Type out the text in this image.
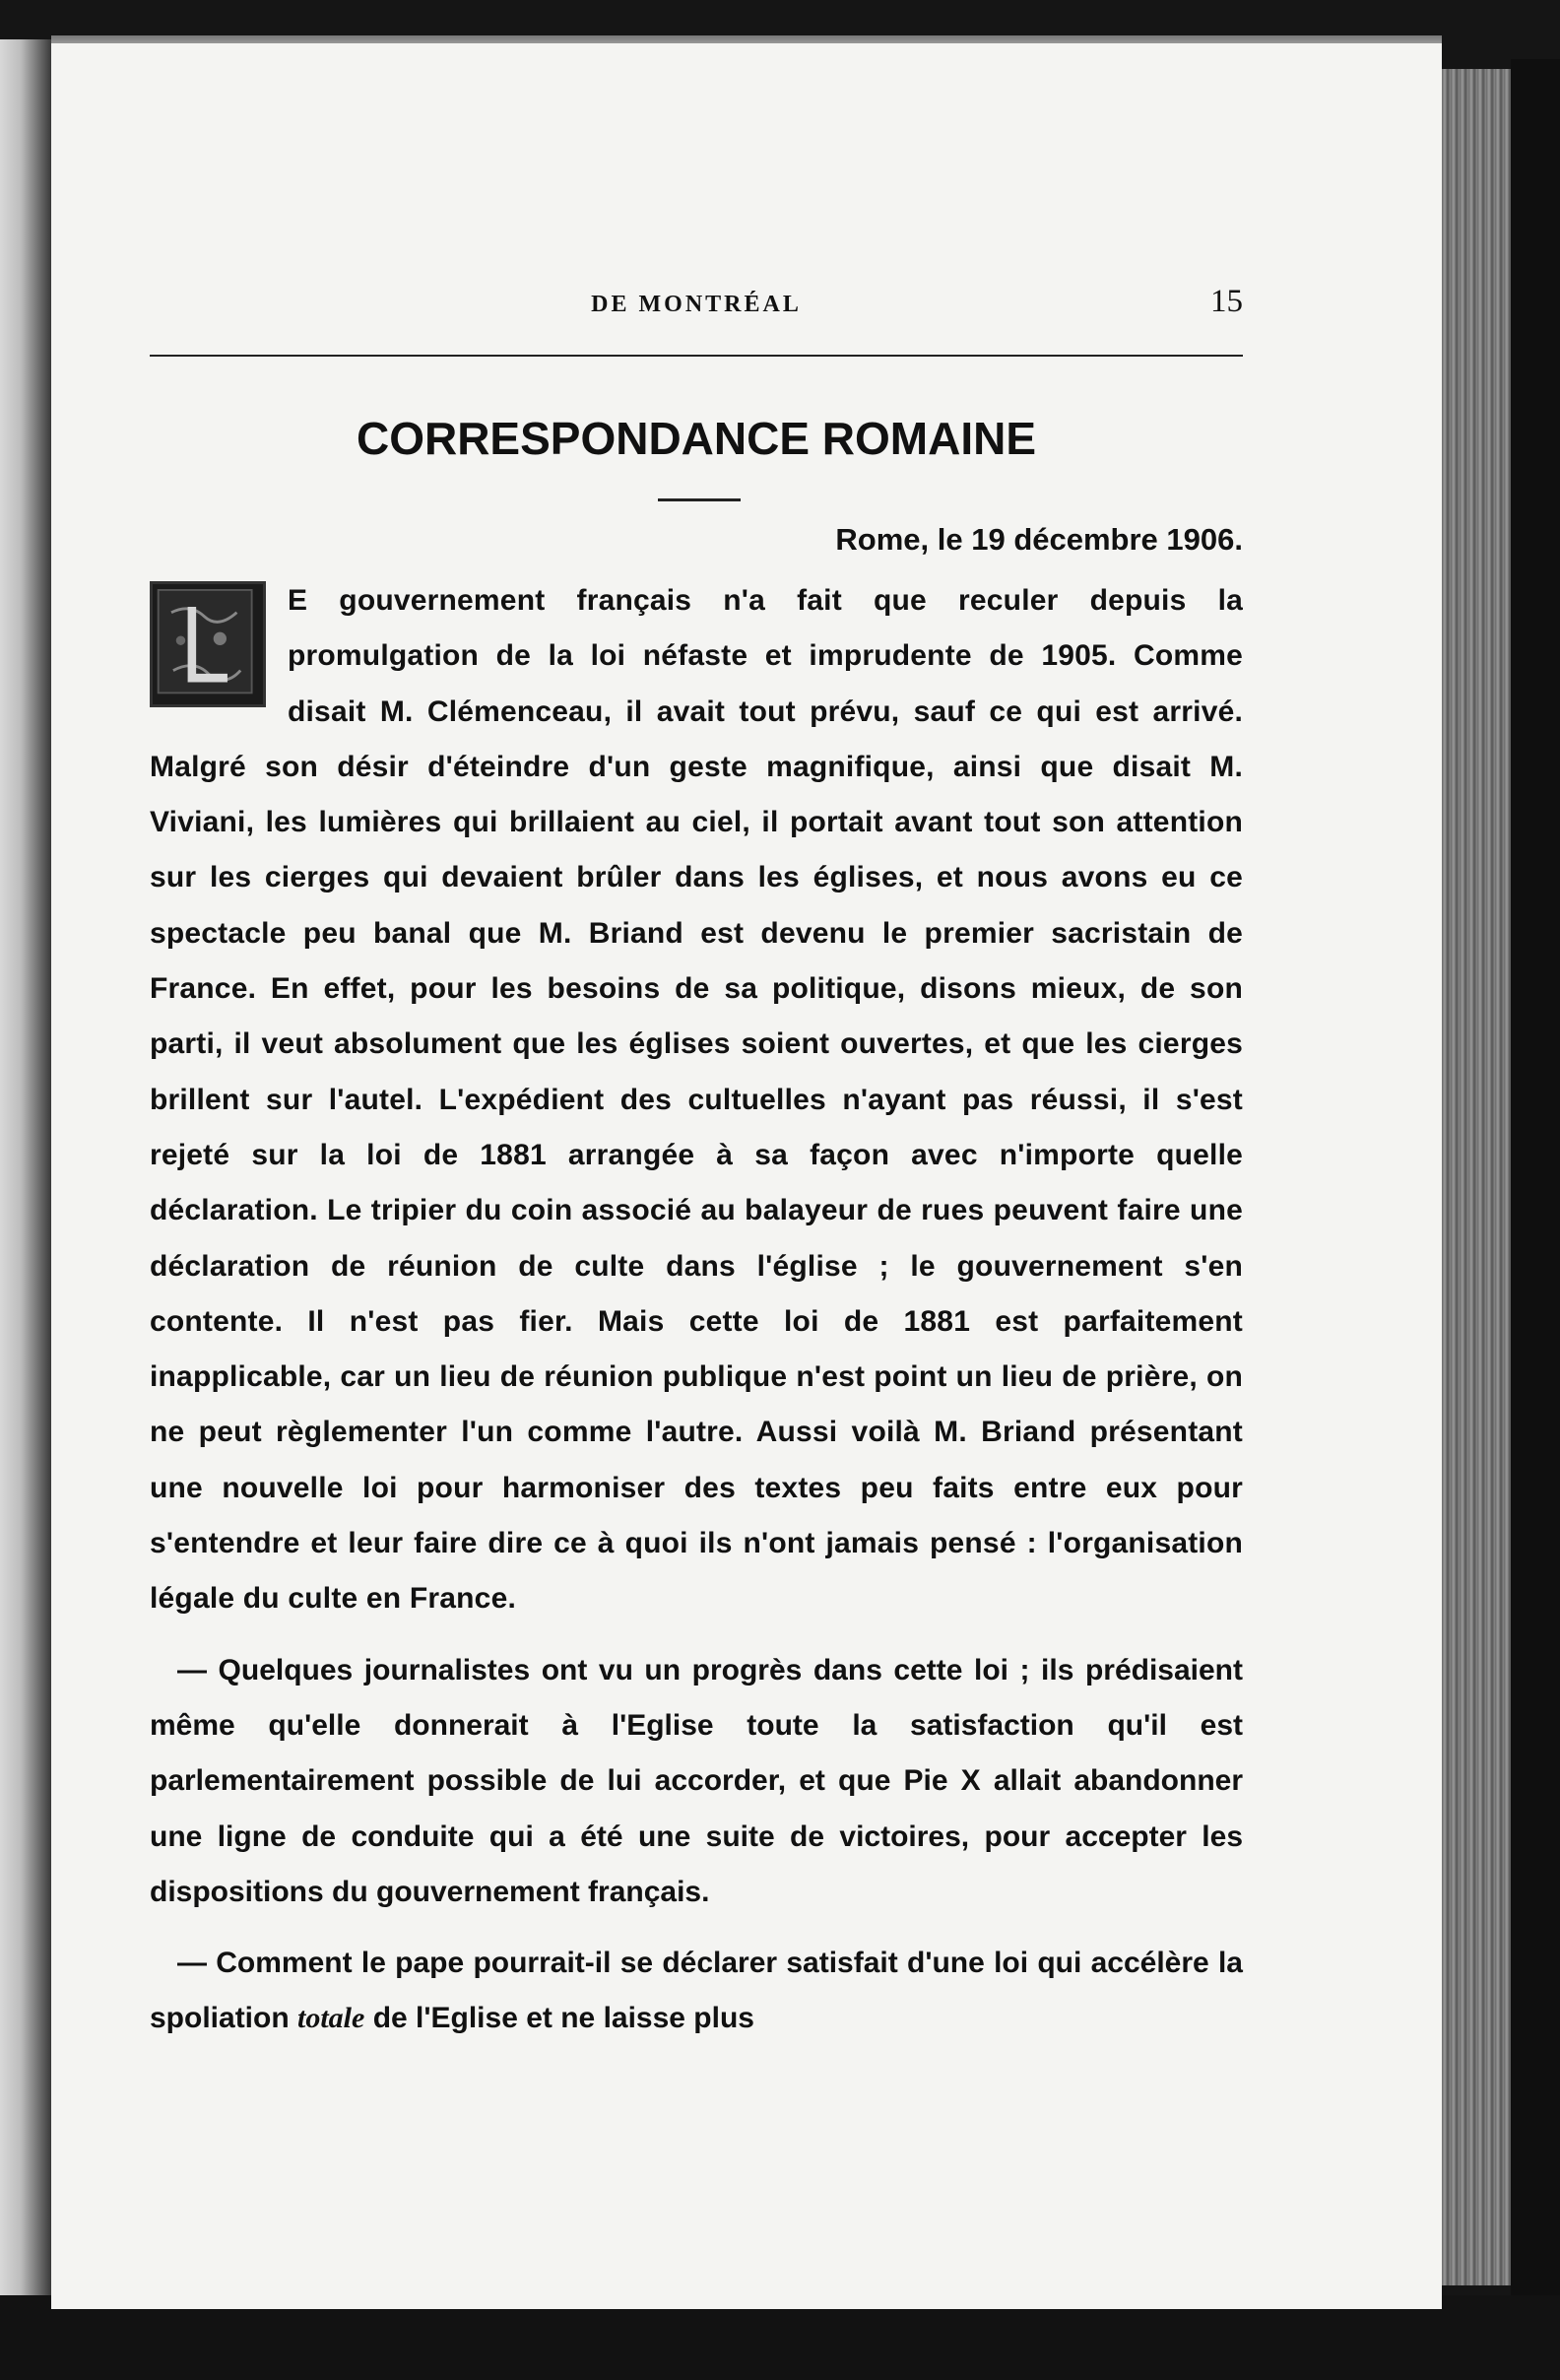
DE MONTRÉAL	15
CORRESPONDANCE ROMAINE
Rome, le 19 décembre 1906.

E gouvernement français n'a fait que reculer depuis la promulgation de la loi néfaste et imprudente de 1905. Comme disait M. Clémenceau, il avait tout prévu, sauf ce qui est arrivé. Malgré son désir d'éteindre d'un geste magnifique, ainsi que disait M. Viviani, les lumières qui brillaient au ciel, il portait avant tout son attention sur les cierges qui devaient brûler dans les églises, et nous avons eu ce spectacle peu banal que M. Briand est devenu le premier sacristain de France. En effet, pour les besoins de sa politique, disons mieux, de son parti, il veut absolument que les églises soient ouvertes, et que les cierges brillent sur l'autel. L'expédient des cultuelles n'ayant pas réussi, il s'est rejeté sur la loi de 1881 arrangée à sa façon avec n'importe quelle déclaration. Le tripier du coin associé au balayeur de rues peuvent faire une déclaration de réunion de culte dans l'église ; le gouvernement s'en contente. Il n'est pas fier. Mais cette loi de 1881 est parfaitement inapplicable, car un lieu de réunion publique n'est point un lieu de prière, on ne peut règlementer l'un comme l'autre. Aussi voilà M. Briand présentant une nouvelle loi pour harmoniser des textes peu faits entre eux pour s'entendre et leur faire dire ce à quoi ils n'ont jamais pensé : l'organisation légale du culte en France.

— Quelques journalistes ont vu un progrès dans cette loi ; ils prédisaient même qu'elle donnerait à l'Eglise toute la satisfaction qu'il est parlementairement possible de lui accorder, et que Pie X allait abandonner une ligne de conduite qui a été une suite de victoires, pour accepter les dispositions du gouvernement français.

— Comment le pape pourrait-il se déclarer satisfait d'une loi qui accélère la spoliation totale de l'Eglise et ne laisse plus
